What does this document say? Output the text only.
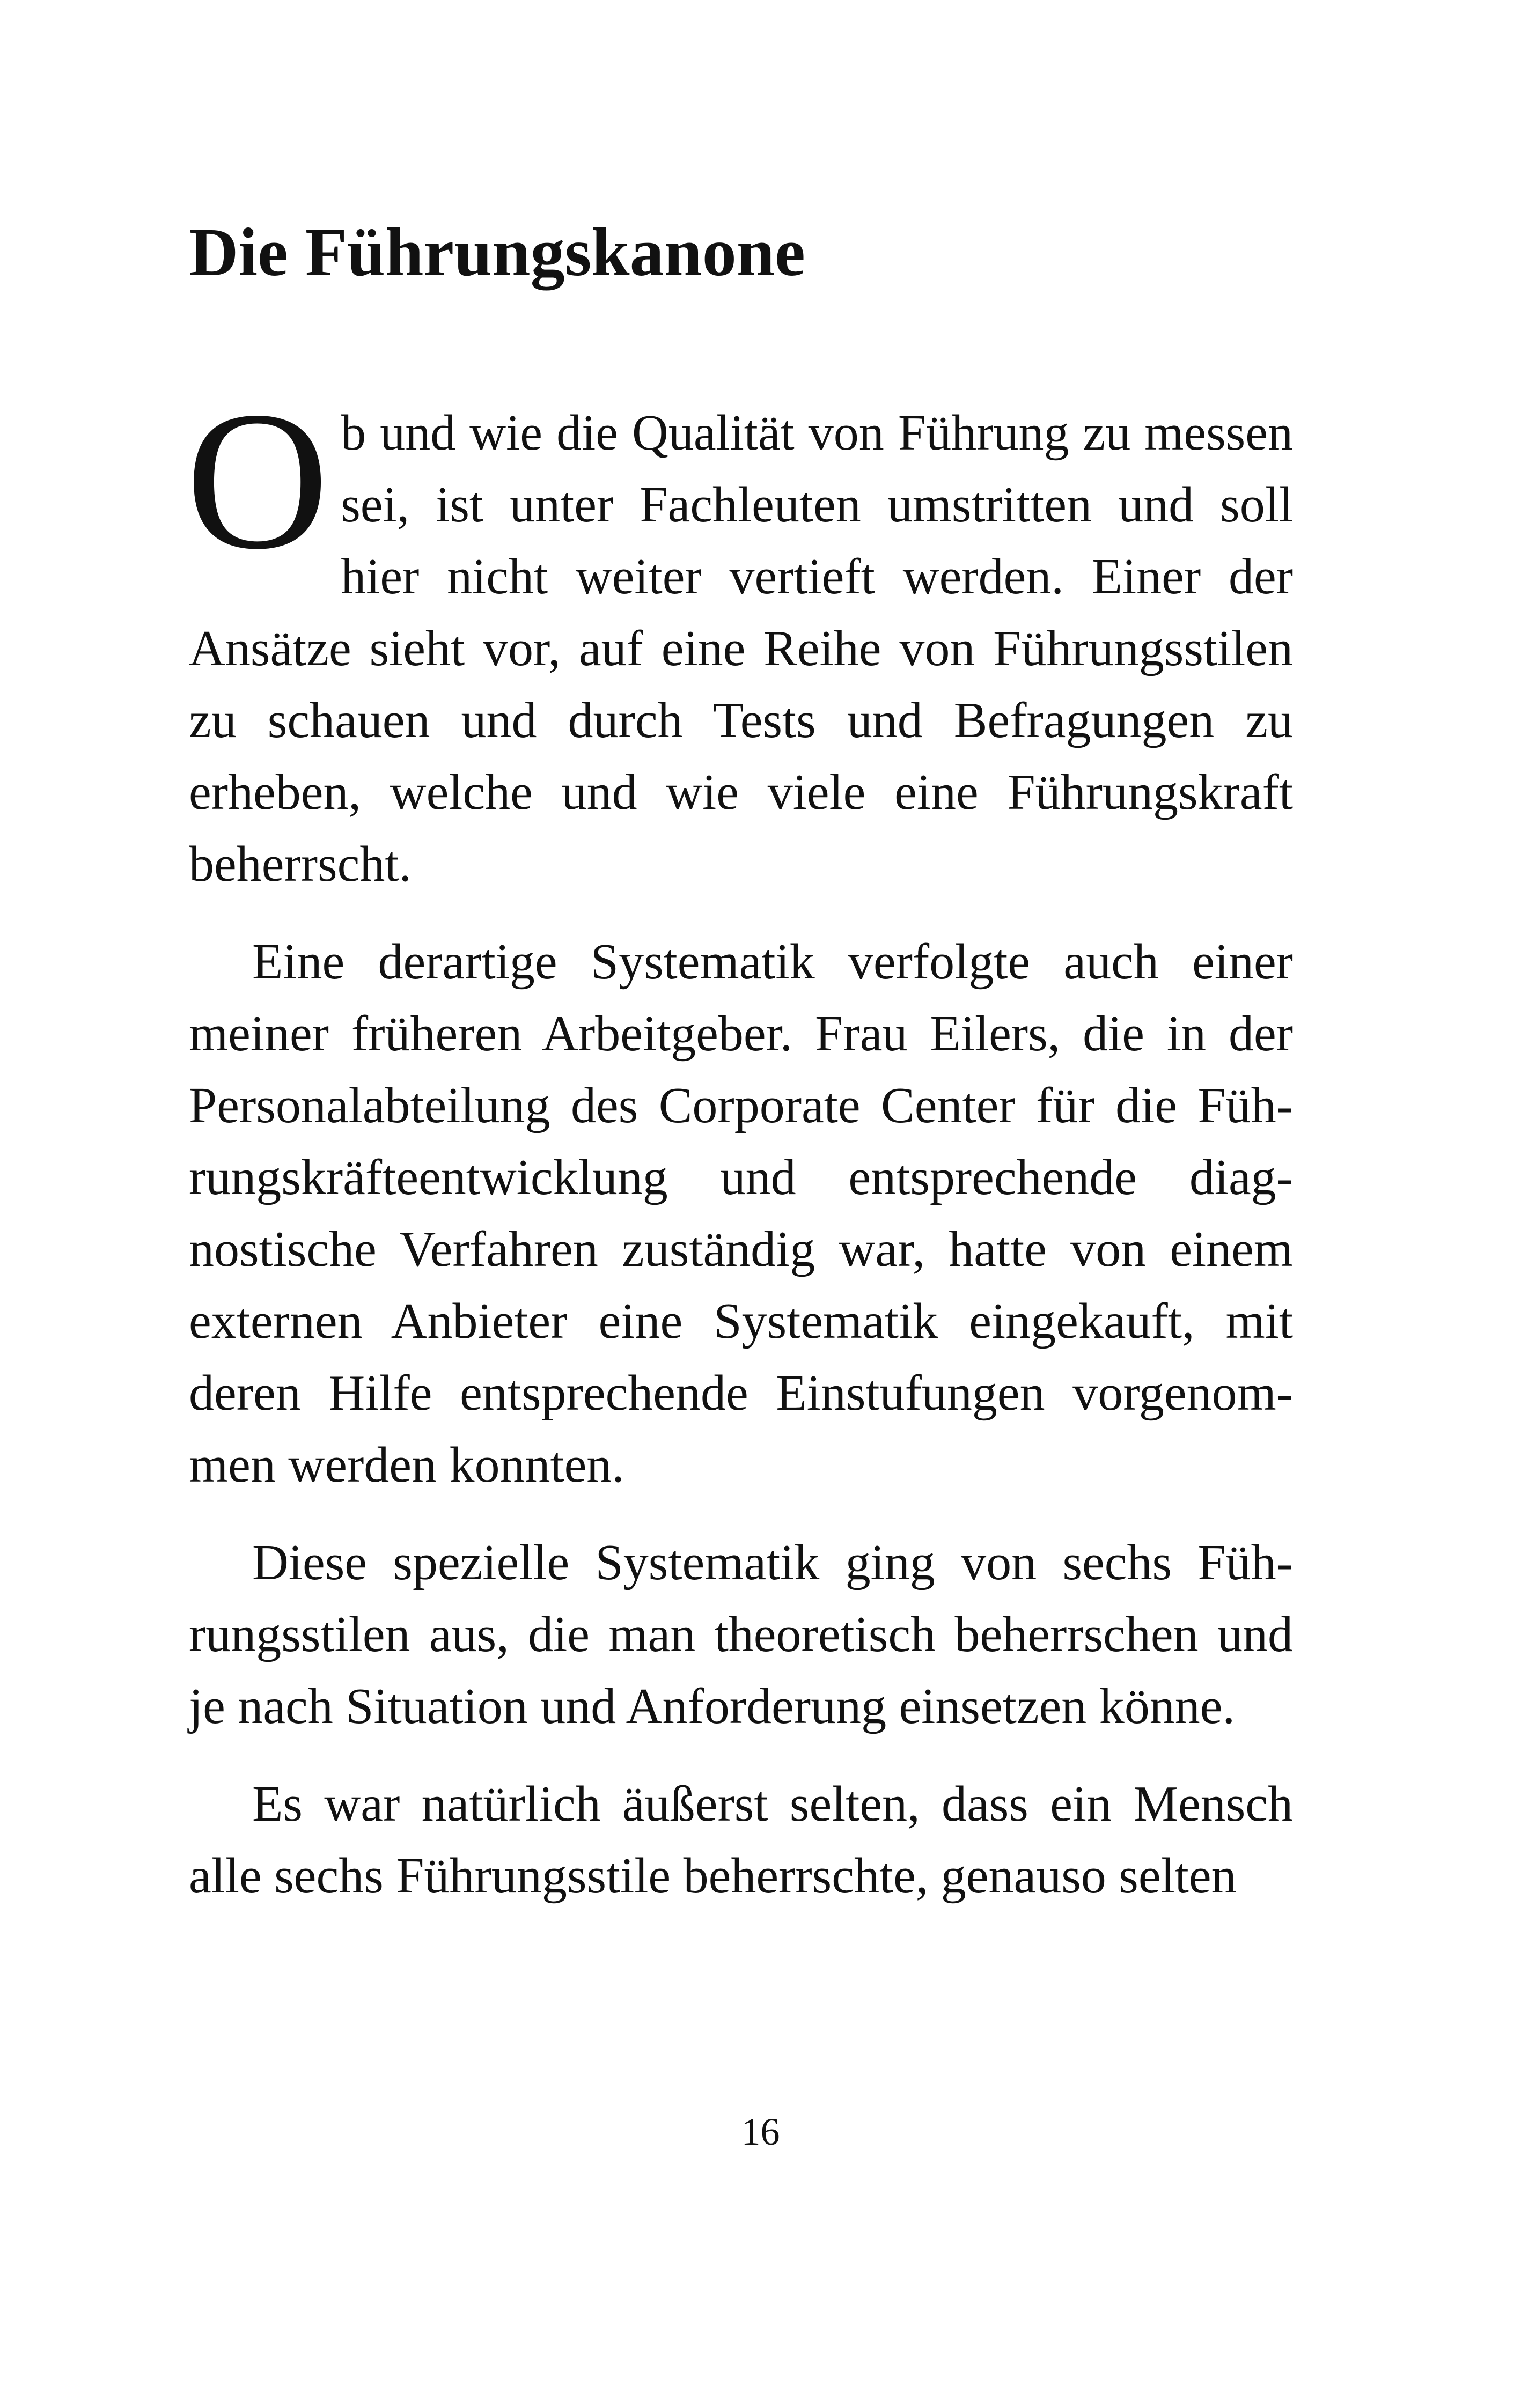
Die Führungskanone

Ob und wie die Qualität von Führung zu messen sei, ist unter Fachleuten umstritten und soll hier nicht weiter vertieft werden. Einer der Ansätze sieht vor, auf eine Reihe von Führungsstilen zu schauen und durch Tests und Befragungen zu erheben, welche und wie viele eine Führungskraft beherrscht.

Eine derartige Systematik verfolgte auch einer meiner früheren Arbeitgeber. Frau Eilers, die in der Personalabteilung des Corporate Center für die Führungskräfteentwicklung und entsprechende diagnostische Verfahren zuständig war, hatte von einem externen Anbieter eine Systematik eingekauft, mit deren Hilfe entsprechende Einstufungen vorgenommen werden konnten.

Diese spezielle Systematik ging von sechs Führungsstilen aus, die man theoretisch beherrschen und je nach Situation und Anforderung einsetzen könne.

Es war natürlich äußerst selten, dass ein Mensch alle sechs Führungsstile beherrschte, genauso selten

16
